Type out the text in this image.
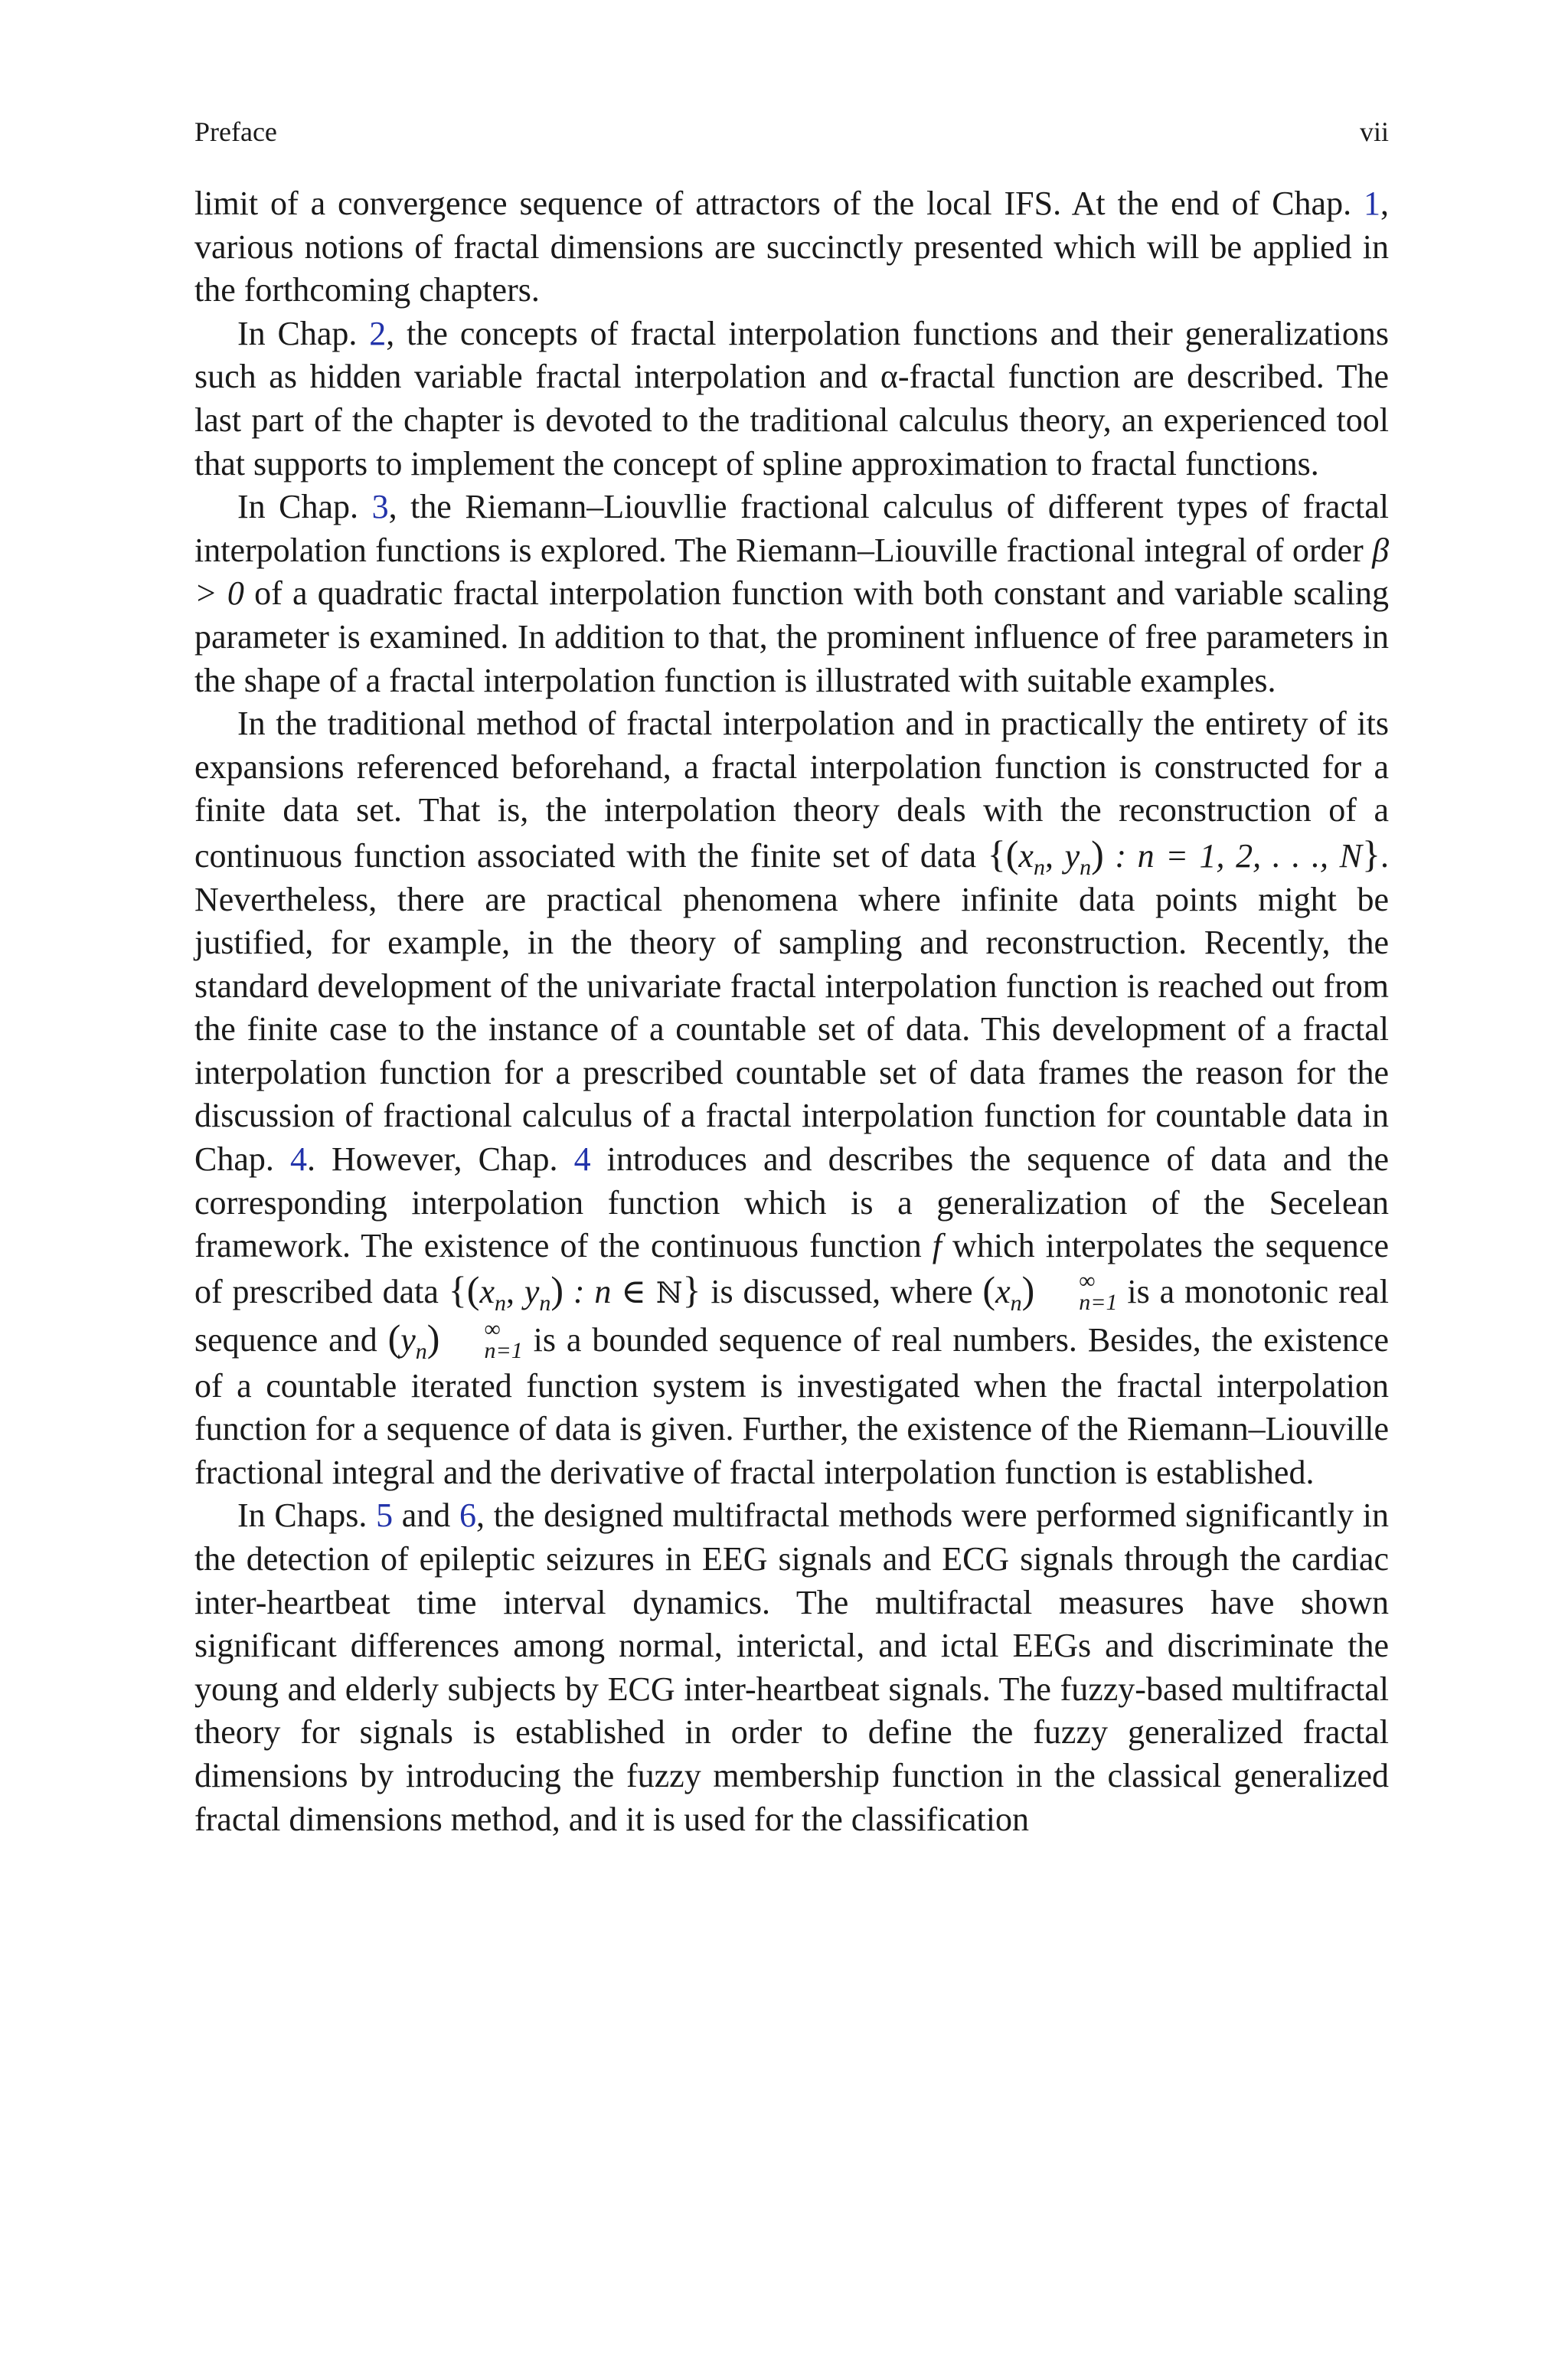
Preface	vii

limit of a convergence sequence of attractors of the local IFS. At the end of Chap. 1, various notions of fractal dimensions are succinctly presented which will be applied in the forthcoming chapters.

In Chap. 2, the concepts of fractal interpolation functions and their generalizations such as hidden variable fractal interpolation and α-fractal function are described. The last part of the chapter is devoted to the traditional calculus theory, an experienced tool that supports to implement the concept of spline approximation to fractal functions.

In Chap. 3, the Riemann–Liouvllie fractional calculus of different types of fractal interpolation functions is explored. The Riemann–Liouville fractional integral of order β > 0 of a quadratic fractal interpolation function with both constant and variable scaling parameter is examined. In addition to that, the prominent influence of free parameters in the shape of a fractal interpolation function is illustrated with suitable examples.

In the traditional method of fractal interpolation and in practically the entirety of its expansions referenced beforehand, a fractal interpolation function is constructed for a finite data set. That is, the interpolation theory deals with the reconstruction of a continuous function associated with the finite set of data {($x_n$, $y_n$) : n = 1, 2, . . ., N}. Nevertheless, there are practical phenomena where infinite data points might be justified, for example, in the theory of sampling and reconstruction. Recently, the standard development of the univariate fractal interpolation function is reached out from the finite case to the instance of a countable set of data. This development of a fractal interpolation function for a prescribed countable set of data frames the reason for the discussion of fractional calculus of a fractal interpolation function for countable data in Chap. 4. However, Chap. 4 introduces and describes the sequence of data and the corresponding interpolation function which is a generalization of the Secelean framework. The existence of the continuous function f which interpolates the sequence of prescribed data {($x_n$, $y_n$) : n ∈ ℕ} is discussed, where $(x_n)$	∞
n=1 is a monotonic real sequence and $(y_n)$	∞
n=1 is a bounded sequence of real numbers. Besides, the existence of a countable iterated function system is investigated when the fractal interpolation function for a sequence of data is given. Further, the existence of the Riemann–Liouville fractional integral and the derivative of fractal interpolation function is established.

In Chaps. 5 and 6, the designed multifractal methods were performed significantly in the detection of epileptic seizures in EEG signals and ECG signals through the cardiac inter-heartbeat time interval dynamics. The multifractal measures have shown significant differences among normal, interictal, and ictal EEGs and discriminate the young and elderly subjects by ECG inter-heartbeat signals. The fuzzy-based multifractal theory for signals is established in order to define the fuzzy generalized fractal dimensions by introducing the fuzzy membership function in the classical generalized fractal dimensions method, and it is used for the classification
